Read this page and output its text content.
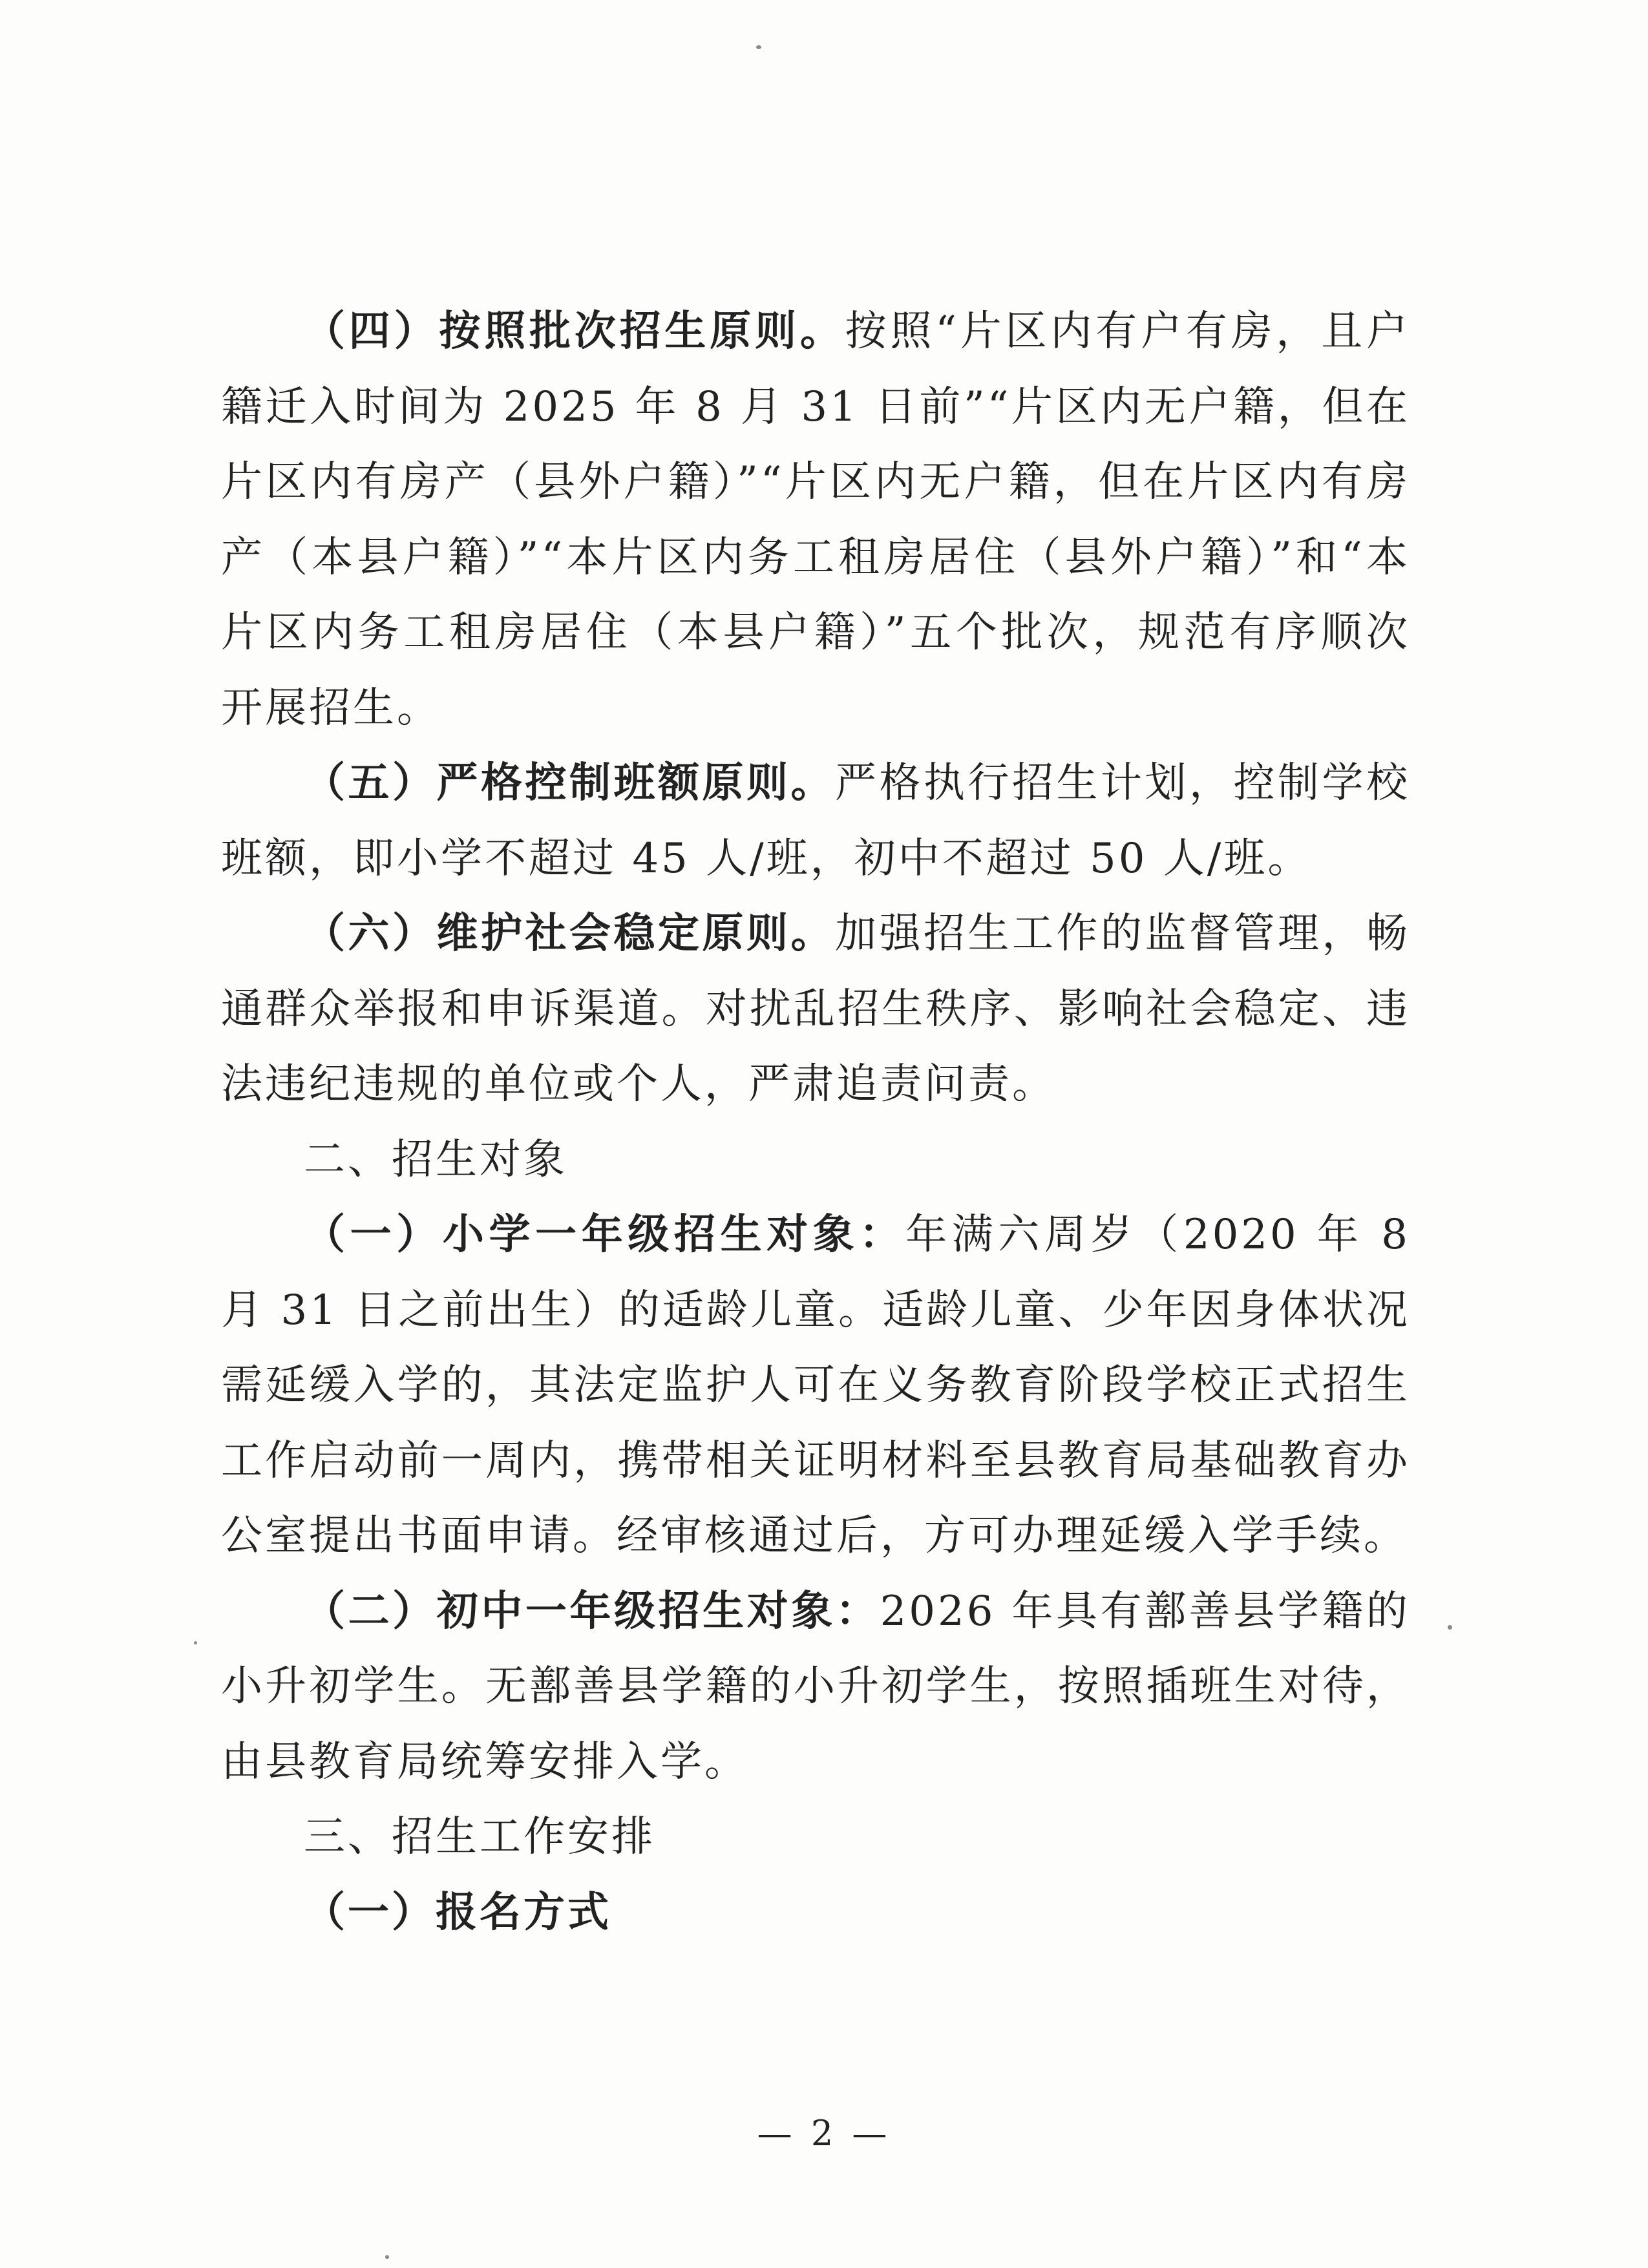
（四）按照批次招生原则。按照“片区内有户有房，且户籍迁入时间为 2025 年 8 月 31 日前”“片区内无户籍，但在片区内有房产（县外户籍）”“片区内无户籍，但在片区内有房产（本县户籍）”“本片区内务工租房居住（县外户籍）”和“本片区内务工租房居住（本县户籍）”五个批次，规范有序顺次开展招生。

（五）严格控制班额原则。严格执行招生计划，控制学校班额，即小学不超过 45 人/班，初中不超过 50 人/班。

（六）维护社会稳定原则。加强招生工作的监督管理，畅通群众举报和申诉渠道。对扰乱招生秩序、影响社会稳定、违法违纪违规的单位或个人，严肃追责问责。

二、招生对象

（一）小学一年级招生对象：年满六周岁（2020 年 8 月 31 日之前出生）的适龄儿童。适龄儿童、少年因身体状况需延缓入学的，其法定监护人可在义务教育阶段学校正式招生工作启动前一周内，携带相关证明材料至县教育局基础教育办公室提出书面申请。经审核通过后，方可办理延缓入学手续。

（二）初中一年级招生对象：2026 年具有鄯善县学籍的小升初学生。无鄯善县学籍的小升初学生，按照插班生对待，由县教育局统筹安排入学。

三、招生工作安排

（一）报名方式

— 2 —
